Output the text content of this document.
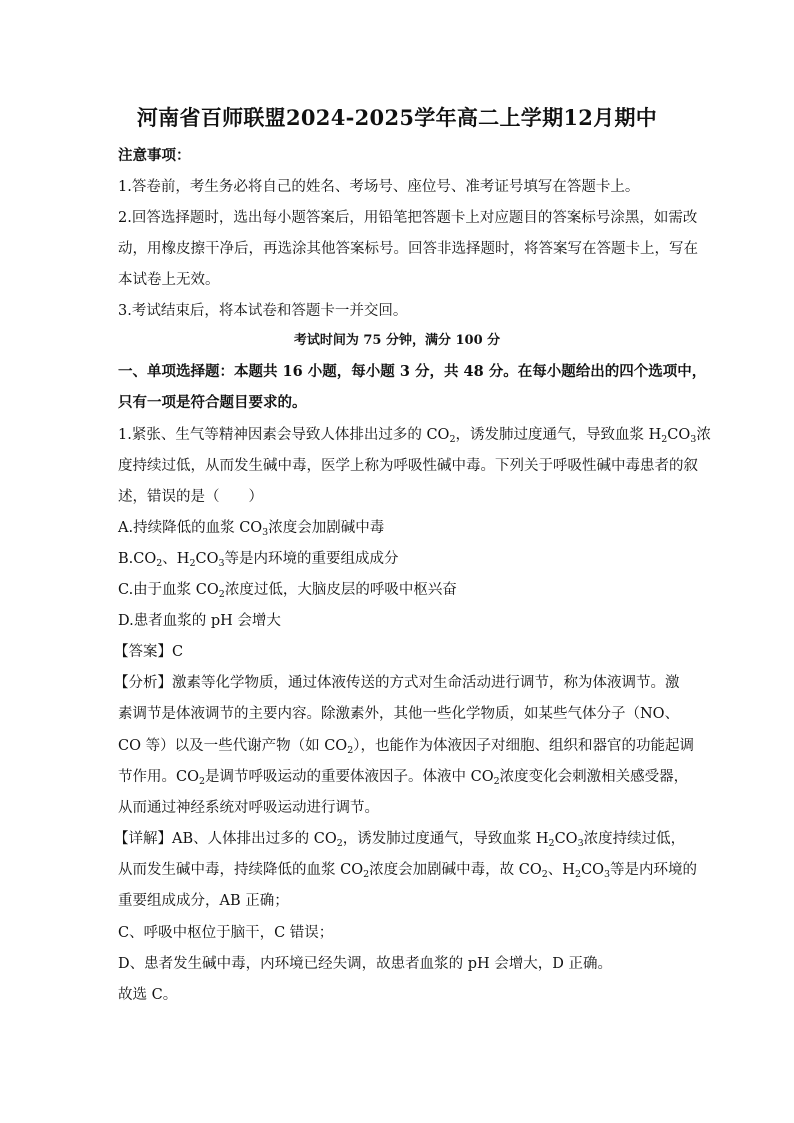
河南省百师联盟2024-2025学年高二上学期12月期中
注意事项：
1.答卷前，考生务必将自己的姓名、考场号、座位号、准考证号填写在答题卡上。
2.回答选择题时，选出每小题答案后，用铅笔把答题卡上对应题目的答案标号涂黑，如需改
动，用橡皮擦干净后，再选涂其他答案标号。回答非选择题时，将答案写在答题卡上，写在
本试卷上无效。
3.考试结束后，将本试卷和答题卡一并交回。
考试时间为 75 分钟，满分 100 分
一、单项选择题：本题共 16 小题，每小题 3 分，共 48 分。在每小题给出的四个选项中，
只有一项是符合题目要求的。
1.紧张、生气等精神因素会导致人体排出过多的 $CO_2$，诱发肺过度通气，导致血浆 $H_2CO_3$浓
度持续过低，从而发生碱中毒，医学上称为呼吸性碱中毒。下列关于呼吸性碱中毒患者的叙
述，错误的是（　　）
A.持续降低的血浆 $CO_3$浓度会加剧碱中毒
$B.CO_2$、$H_2CO_3$等是内环境的重要组成成分
C.由于血浆 $CO_2$浓度过低，大脑皮层的呼吸中枢兴奋
D.患者血浆的 pH 会增大
【答案】C
【分析】激素等化学物质，通过体液传送的方式对生命活动进行调节，称为体液调节。激
素调节是体液调节的主要内容。除激素外，其他一些化学物质，如某些气体分子（NO、
CO 等）以及一些代谢产物（如 $CO_2$），也能作为体液因子对细胞、组织和器官的功能起调
节作用。$CO_2$是调节呼吸运动的重要体液因子。体液中 $CO_2$浓度变化会刺激相关感受器，
从而通过神经系统对呼吸运动进行调节。
【详解】AB、人体排出过多的 $CO_2$，诱发肺过度通气，导致血浆 $H_2CO_3$浓度持续过低，
从而发生碱中毒，持续降低的血浆 $CO_2$浓度会加剧碱中毒，故 $CO_2$、$H_2CO_3$等是内环境的
重要组成成分，AB 正确；
C、呼吸中枢位于脑干，C 错误；
D、患者发生碱中毒，内环境已经失调，故患者血浆的 pH 会增大，D 正确。
故选 C。
